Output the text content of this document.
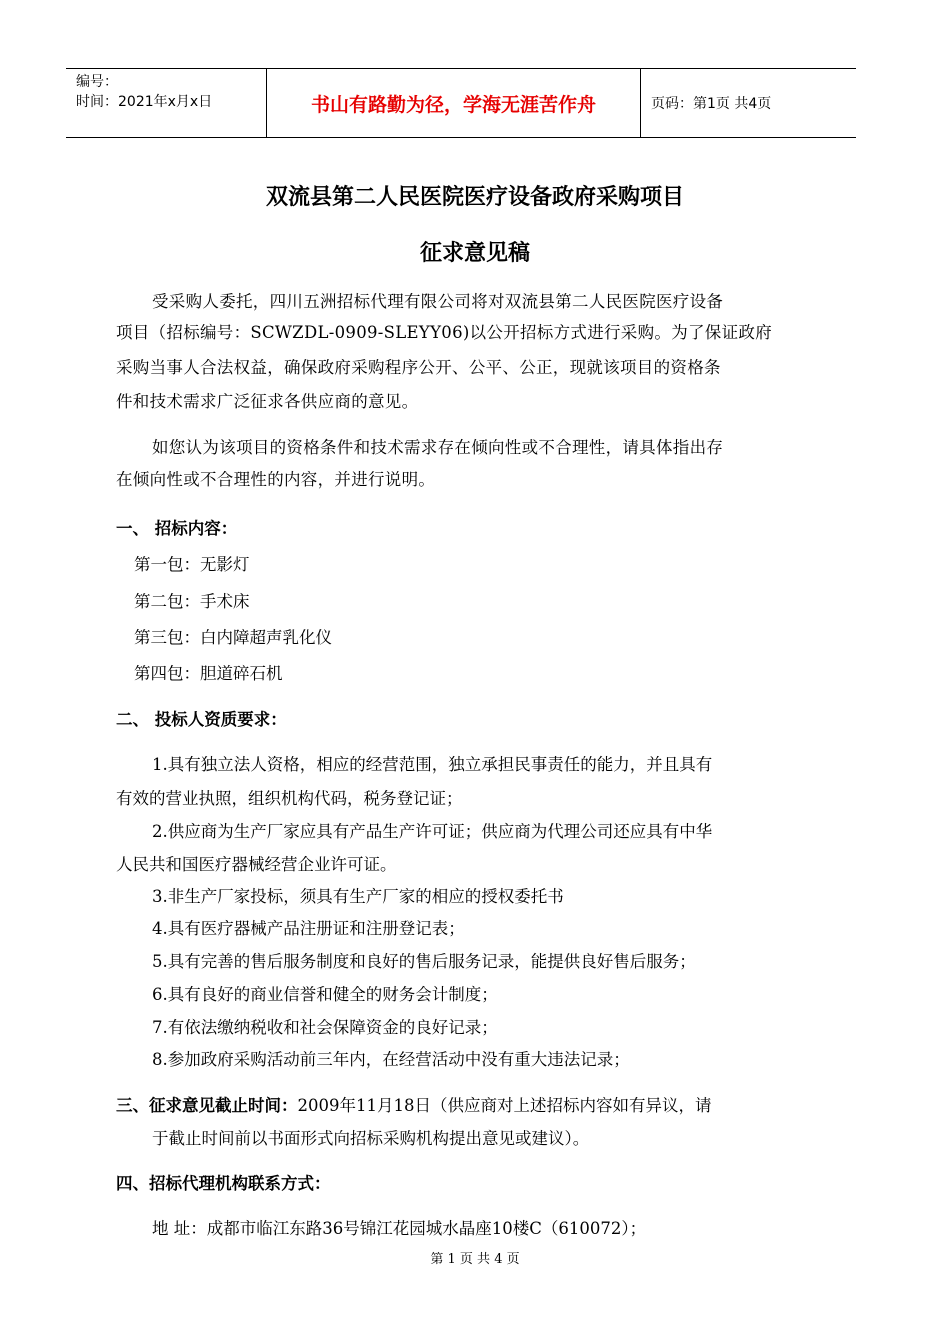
编号：
时间：2021年x月x日	书山有路勤为径，学海无涯苦作舟	页码：第1页 共4页
双流县第二人民医院医疗设备政府采购项目
征求意见稿
受采购人委托，四川五洲招标代理有限公司将对双流县第二人民医院医疗设备
项目（招标编号：SCWZDL-0909-SLEYY06)以公开招标方式进行采购。为了保证政府
采购当事人合法权益，确保政府采购程序公开、公平、公正，现就该项目的资格条
件和技术需求广泛征求各供应商的意见。
如您认为该项目的资格条件和技术需求存在倾向性或不合理性，请具体指出存
在倾向性或不合理性的内容，并进行说明。
一、 招标内容：
第一包：无影灯
第二包：手术床
第三包：白内障超声乳化仪
第四包：胆道碎石机
二、 投标人资质要求：
1.具有独立法人资格，相应的经营范围，独立承担民事责任的能力，并且具有
有效的营业执照，组织机构代码，税务登记证；
2.供应商为生产厂家应具有产品生产许可证；供应商为代理公司还应具有中华
人民共和国医疗器械经营企业许可证。
3.非生产厂家投标，须具有生产厂家的相应的授权委托书
4.具有医疗器械产品注册证和注册登记表；
5.具有完善的售后服务制度和良好的售后服务记录，能提供良好售后服务；
6.具有良好的商业信誉和健全的财务会计制度；
7.有依法缴纳税收和社会保障资金的良好记录；
8.参加政府采购活动前三年内，在经营活动中没有重大违法记录；
三、征求意见截止时间：2009年11月18日（供应商对上述招标内容如有异议，请
于截止时间前以书面形式向招标采购机构提出意见或建议）。
四、招标代理机构联系方式：
地 址：成都市临江东路36号锦江花园城水晶座10楼C（610072）；
第 1 页 共 4 页
